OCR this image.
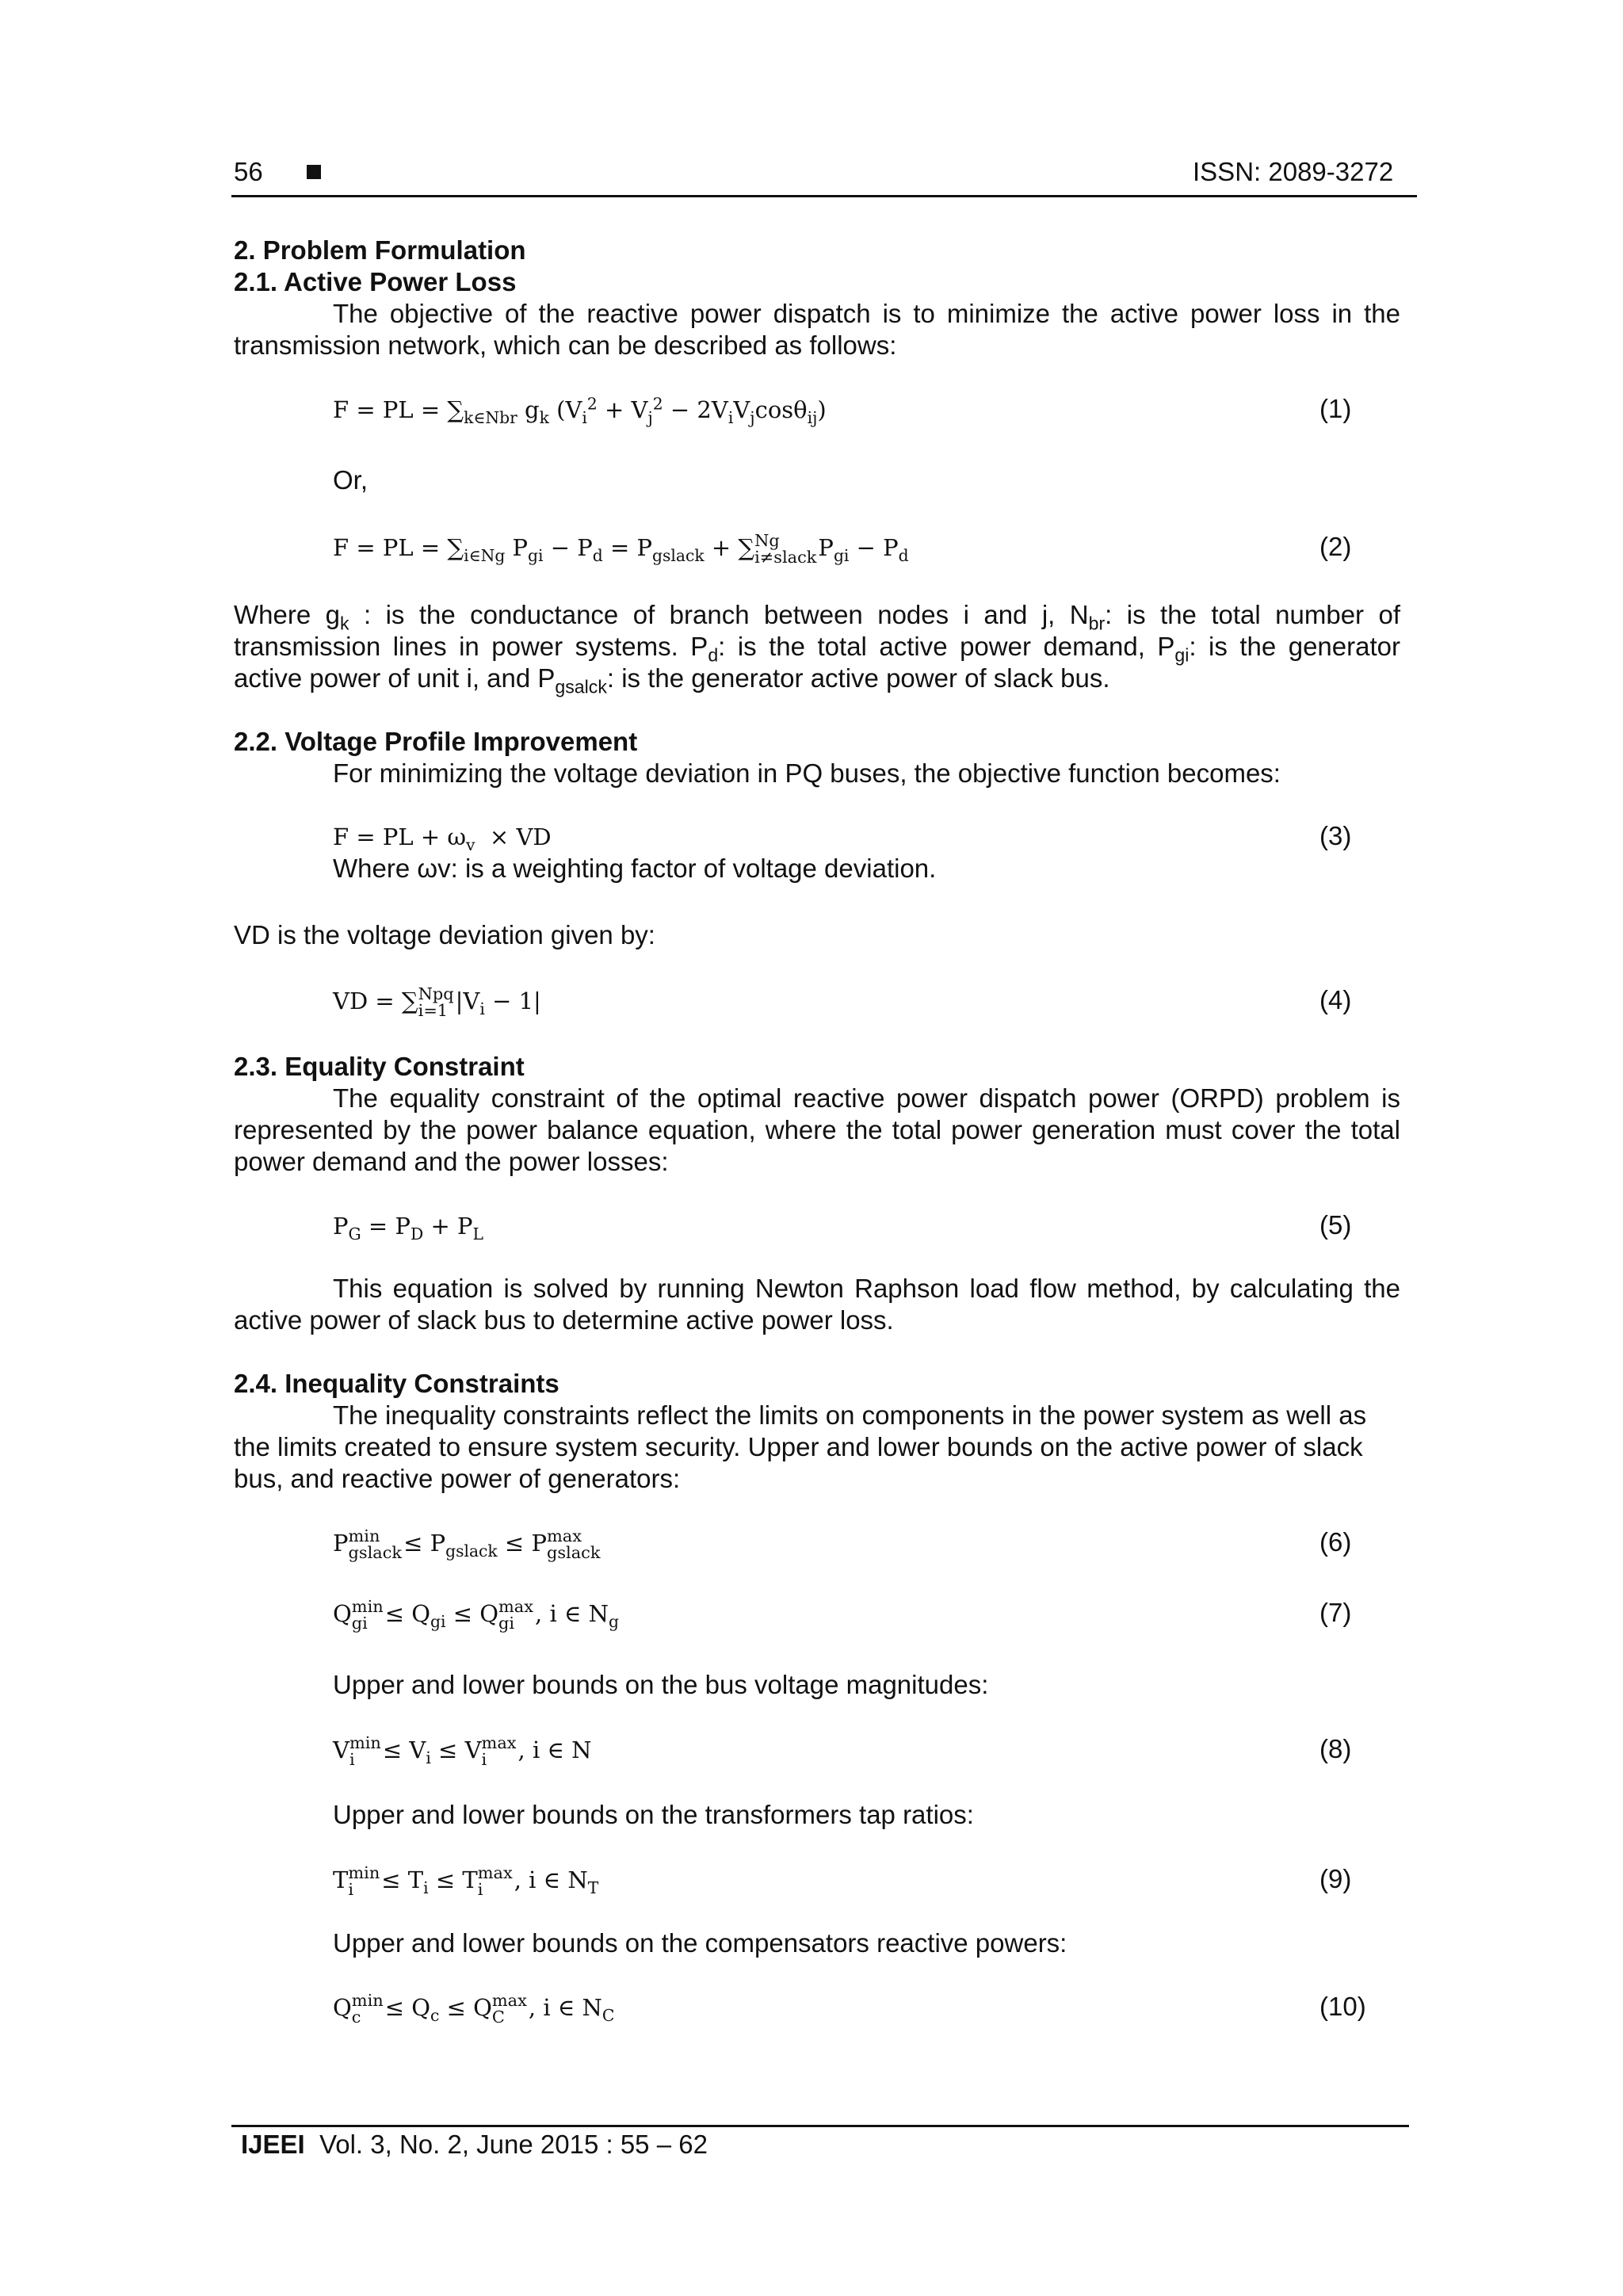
56	ISSN: 2089-3272
2. Problem Formulation
2.1. Active Power Loss
The objective of the reactive power dispatch is to minimize the active power loss in the transmission network, which can be described as follows:
F = PL = $\sum_{k\in Nbr}$ $g_k$ $(V_i^2 + V_j^2 - 2V_iV_j\cos\theta_{ij})$	(1)
Or,
F = PL = $\sum_{i\in Ng}$ $P_{gi} - P_d = P_{gslack}$ + ∑ Ng
i≠slack $P_{gi} - P_d$	(2)
Where $g_k$ : is the conductance of branch between nodes i and j, $N_{br}$: is the total number of transmission lines in power systems. $P_d$: is the total active power demand, $P_{gi}$: is the generator active power of unit i, and $P_{gsalck}$: is the generator active power of slack bus.
2.2. Voltage Profile Improvement
For minimizing the voltage deviation in PQ buses, the objective function becomes:
F = PL + $\omega_v$  × VD	(3)
Where ωv: is a weighting factor of voltage deviation.
VD is the voltage deviation given by:
VD = ∑ Npq
i=1 $|V_i - 1|$	(4)
2.3. Equality Constraint
The equality constraint of the optimal reactive power dispatch power (ORPD) problem is represented by the power balance equation, where the total power generation must cover the total power demand and the power losses:
$P_G = P_D + P_L$	(5)
This equation is solved by running Newton Raphson load flow method, by calculating the active power of slack bus to determine active power loss.
2.4. Inequality Constraints
The inequality constraints reflect the limits on components in the power system as well as the limits created to ensure system security. Upper and lower bounds on the active power of slack bus, and reactive power of generators:
P min
gslack ≤ $P_{gslack} \le P$ max
gslack	(6)
Q min
gi ≤ $Q_{gi} \le Q$ max
gi , i ∈ $N_g$	(7)
Upper and lower bounds on the bus voltage magnitudes:
V min
i	≤ $V_i \le V$ max
i	, i ∈ N	(8)
Upper and lower bounds on the transformers tap ratios:
T min
i	≤ $T_i \le T$ max
i	, i ∈ $N_T$	(9)
Upper and lower bounds on the compensators reactive powers:
Q min
c	≤ $Q_c \le Q$ max
C	, i ∈ $N_C$	(10)
IJEEI Vol. 3, No. 2, June 2015 : 55 – 62
